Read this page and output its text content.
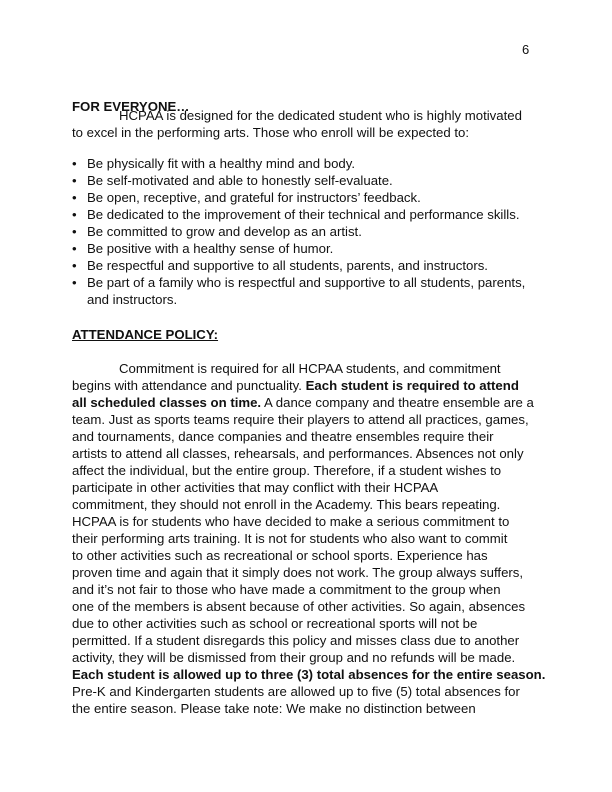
6
FOR EVERYONE…
HCPAA is designed for the dedicated student who is highly motivated
to excel in the performing arts. Those who enroll will be expected to:
• Be physically fit with a healthy mind and body.
• Be self-motivated and able to honestly self-evaluate.
• Be open, receptive, and grateful for instructors’ feedback.
• Be dedicated to the improvement of their technical and performance skills.
• Be committed to grow and develop as an artist.
• Be positive with a healthy sense of humor.
• Be respectful and supportive to all students, parents, and instructors.
• Be part of a family who is respectful and supportive to all students, parents,
and instructors.
ATTENDANCE POLICY:
Commitment is required for all HCPAA students, and commitment
begins with attendance and punctuality. Each student is required to attend
all scheduled classes on time. A dance company and theatre ensemble are a
team. Just as sports teams require their players to attend all practices, games,
and tournaments, dance companies and theatre ensembles require their
artists to attend all classes, rehearsals, and performances. Absences not only
affect the individual, but the entire group. Therefore, if a student wishes to
participate in other activities that may conflict with their HCPAA
commitment, they should not enroll in the Academy. This bears repeating.
HCPAA is for students who have decided to make a serious commitment to
their performing arts training. It is not for students who also want to commit
to other activities such as recreational or school sports. Experience has
proven time and again that it simply does not work. The group always suffers,
and it’s not fair to those who have made a commitment to the group when
one of the members is absent because of other activities. So again, absences
due to other activities such as school or recreational sports will not be
permitted. If a student disregards this policy and misses class due to another
activity, they will be dismissed from their group and no refunds will be made.
Each student is allowed up to three (3) total absences for the entire season.
Pre-K and Kindergarten students are allowed up to five (5) total absences for
the entire season. Please take note: We make no distinction between
